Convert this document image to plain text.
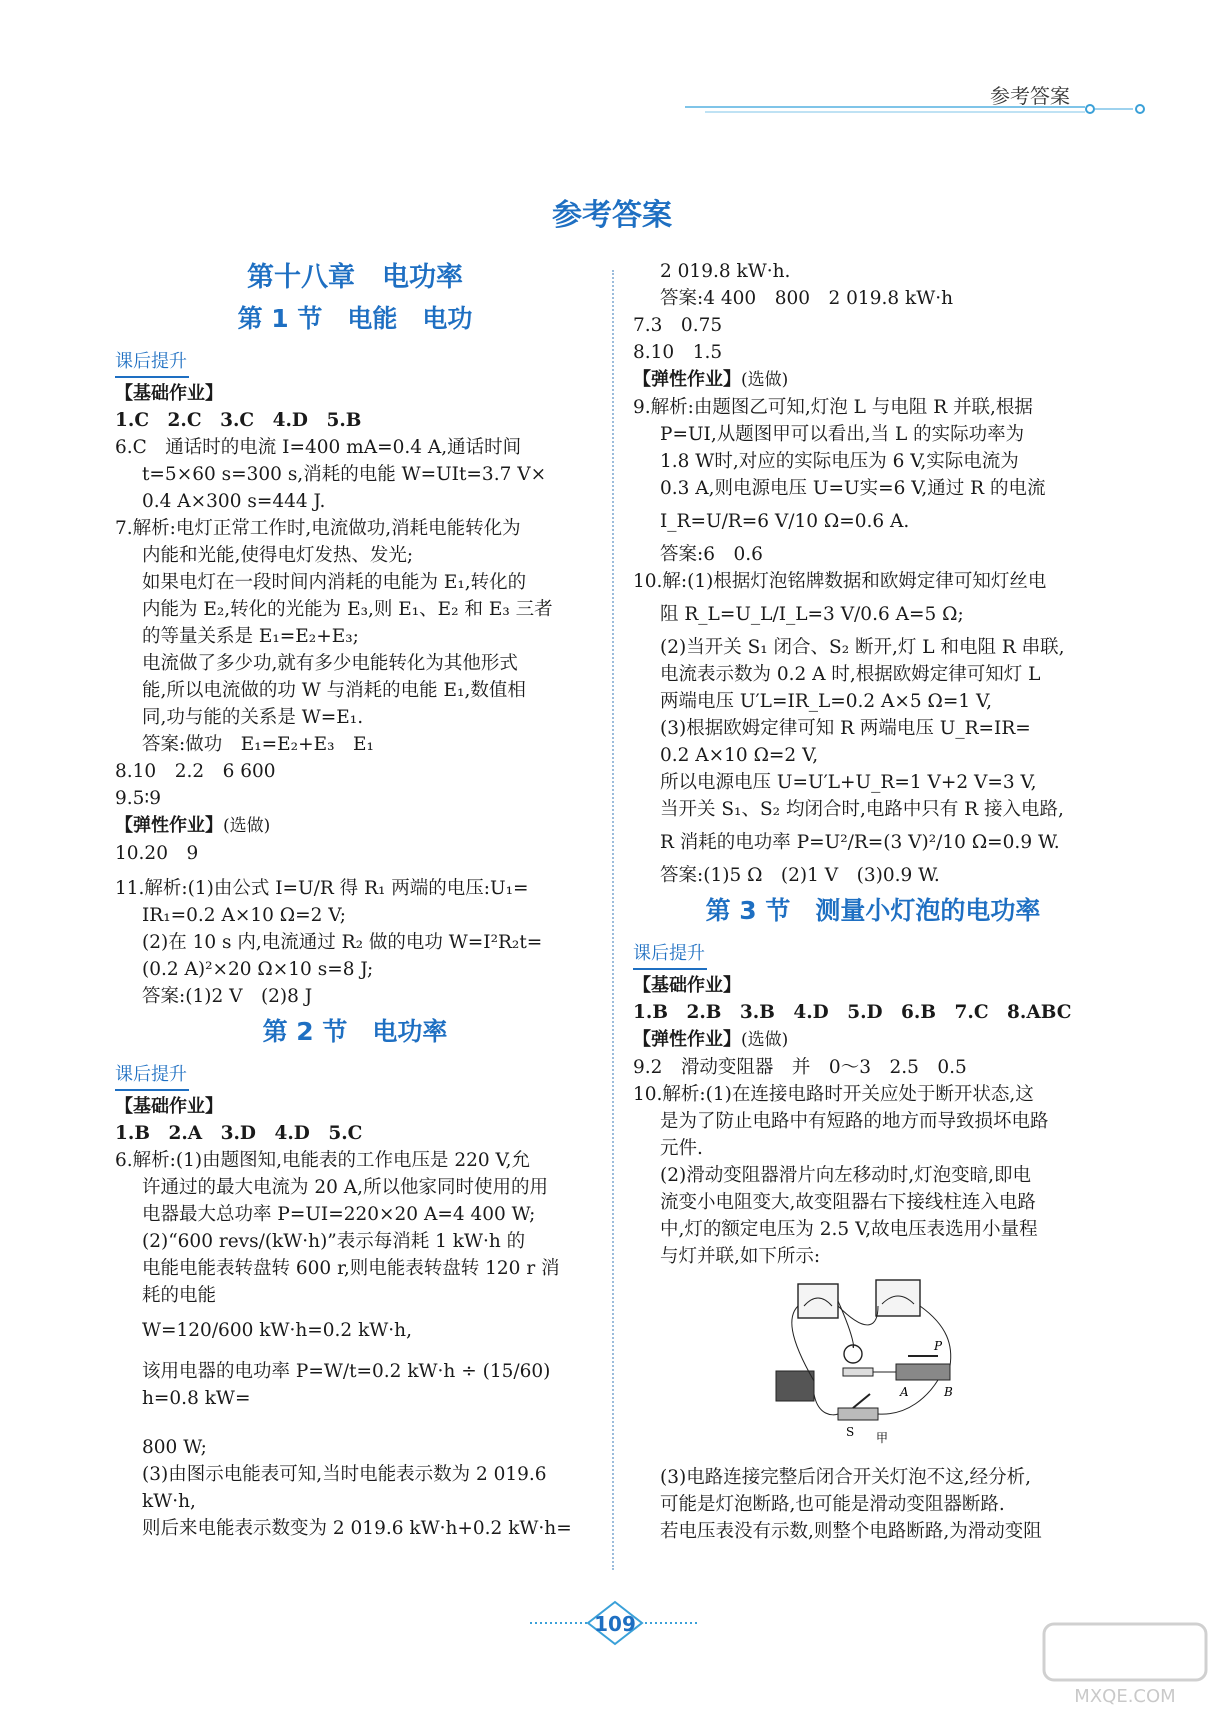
参考答案
参考答案
第十八章　电功率
第 1 节　电能　电功
课后提升

【基础作业】

1.C　2.C　3.C　4.D　5.B

6.C　通话时的电流 I=400 mA=0.4 A,通话时间

t=5×60 s=300 s,消耗的电能 W=UIt=3.7 V×

0.4 A×300 s=444 J.

7.解析:电灯正常工作时,电流做功,消耗电能转化为

内能和光能,使得电灯发热、发光;

如果电灯在一段时间内消耗的电能为 E₁,转化的

内能为 E₂,转化的光能为 E₃,则 E₁、E₂ 和 E₃ 三者

的等量关系是 E₁=E₂+E₃;

电流做了多少功,就有多少电能转化为其他形式

能,所以电流做的功 W 与消耗的电能 E₁,数值相

同,功与能的关系是 W=E₁.

答案:做功　E₁=E₂+E₃　E₁

8.10　2.2　6 600

9.5∶9

【弹性作业】(选做)

10.20　9

11.解析:(1)由公式 I=U/R 得 R₁ 两端的电压:U₁=

IR₁=0.2 A×10 Ω=2 V;

(2)在 10 s 内,电流通过 R₂ 做的电功 W=I²R₂t=

(0.2 A)²×20 Ω×10 s=8 J;

答案:(1)2 V　(2)8 J

第 2 节　电功率
课后提升

【基础作业】

1.B　2.A　3.D　4.D　5.C

6.解析:(1)由题图知,电能表的工作电压是 220 V,允

许通过的最大电流为 20 A,所以他家同时使用的用

电器最大总功率 P=UI=220×20 A=4 400 W;

(2)“600 revs/(kW·h)”表示每消耗 1 kW·h 的

电能电能表转盘转 600 r,则电能表转盘转 120 r 消

耗的电能

W=120/600 kW·h=0.2 kW·h,

该用电器的电功率 P=W/t=0.2 kW·h ÷ (15/60) h=0.8 kW=

800 W;

(3)由图示电能表可知,当时电能表示数为 2 019.6 kW·h,

则后来电能表示数变为 2 019.6 kW·h+0.2 kW·h=

2 019.8 kW·h.

答案:4 400　800　2 019.8 kW·h

7.3　0.75

8.10　1.5

【弹性作业】(选做)

9.解析:由题图乙可知,灯泡 L 与电阻 R 并联,根据

P=UI,从题图甲可以看出,当 L 的实际功率为

1.8 W时,对应的实际电压为 6 V,实际电流为

0.3 A,则电源电压 U=U实=6 V,通过 R 的电流

I_R=U/R=6 V/10 Ω=0.6 A.

答案:6　0.6

10.解:(1)根据灯泡铭牌数据和欧姆定律可知灯丝电

阻 R_L=U_L/I_L=3 V/0.6 A=5 Ω;

(2)当开关 S₁ 闭合、S₂ 断开,灯 L 和电阻 R 串联,

电流表示数为 0.2 A 时,根据欧姆定律可知灯 L

两端电压 U′L=IR_L=0.2 A×5 Ω=1 V,

(3)根据欧姆定律可知 R 两端电压 U_R=IR=

0.2 A×10 Ω=2 V,

所以电源电压 U=U′L+U_R=1 V+2 V=3 V,

当开关 S₁、S₂ 均闭合时,电路中只有 R 接入电路,

R 消耗的电功率 P=U²/R=(3 V)²/10 Ω=0.9 W.

答案:(1)5 Ω　(2)1 V　(3)0.9 W.

第 3 节　测量小灯泡的电功率
课后提升

【基础作业】

1.B　2.B　3.B　4.D　5.D　6.B　7.C　8.ABC

【弹性作业】(选做)

9.2　滑动变阻器　并　0～3　2.5　0.5

10.解析:(1)在连接电路时开关应处于断开状态,这

是为了防止电路中有短路的地方而导致损坏电路

元件.

(2)滑动变阻器滑片向左移动时,灯泡变暗,即电

流变小电阻变大,故变阻器右下接线柱连入电路

中,灯的额定电压为 2.5 V,故电压表选用小量程

与灯并联,如下所示:

P
A	B
S 甲

(3)电路连接完整后闭合开关灯泡不这,经分析,

可能是灯泡断路,也可能是滑动变阻器断路.

若电压表没有示数,则整个电路断路,为滑动变阻

109
MXQE.COM
